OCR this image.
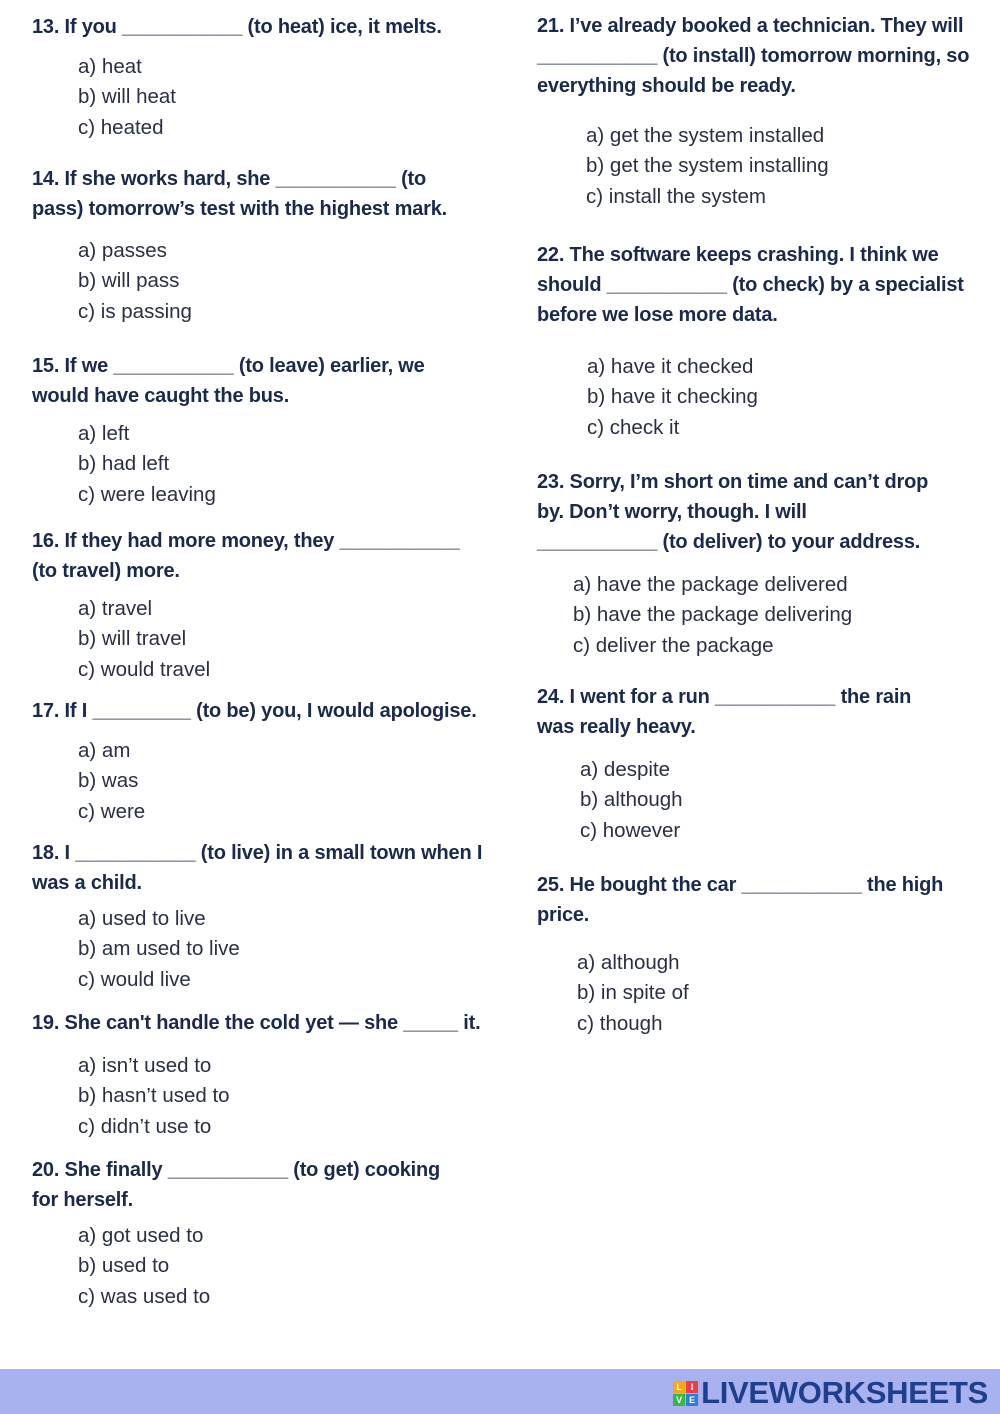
13. If you ___________ (to heat) ice, it melts.
a) heat
b) will heat
c) heated
14. If she works hard, she ___________ (to
pass) tomorrow’s test with the highest mark.
a) passes
b) will pass
c) is passing
15. If we ___________ (to leave) earlier, we
would have caught the bus.
a) left
b) had left
c) were leaving
16. If they had more money, they ___________
(to travel) more.
a) travel
b) will travel
c) would travel
17. If I _________ (to be) you, I would apologise.
a) am
b) was
c) were
18. I ___________ (to live) in a small town when I
was a child.
a) used to live
b) am used to live
c) would live
19. She can't handle the cold yet — she _____ it.
a) isn’t used to
b) hasn’t used to
c) didn’t use to
20. She finally ___________ (to get) cooking
for herself.
a) got used to
b) used to
c) was used to
21. I’ve already booked a technician. They will
___________ (to install) tomorrow morning, so
everything should be ready.
a) get the system installed
b) get the system installing
c) install the system
22. The software keeps crashing. I think we
should ___________ (to check) by a specialist
before we lose more data.
a) have it checked
b) have it checking
c) check it
23. Sorry, I’m short on time and can’t drop
by. Don’t worry, though. I will
___________ (to deliver) to your address.
a) have the package delivered
b) have the package delivering
c) deliver the package
24. I went for a run ___________ the rain
was really heavy.
a) despite
b) although
c) however
25. He bought the car ___________ the high
price.
a) although
b) in spite of
c) though
L I
V E LIVEWORKSHEETS
